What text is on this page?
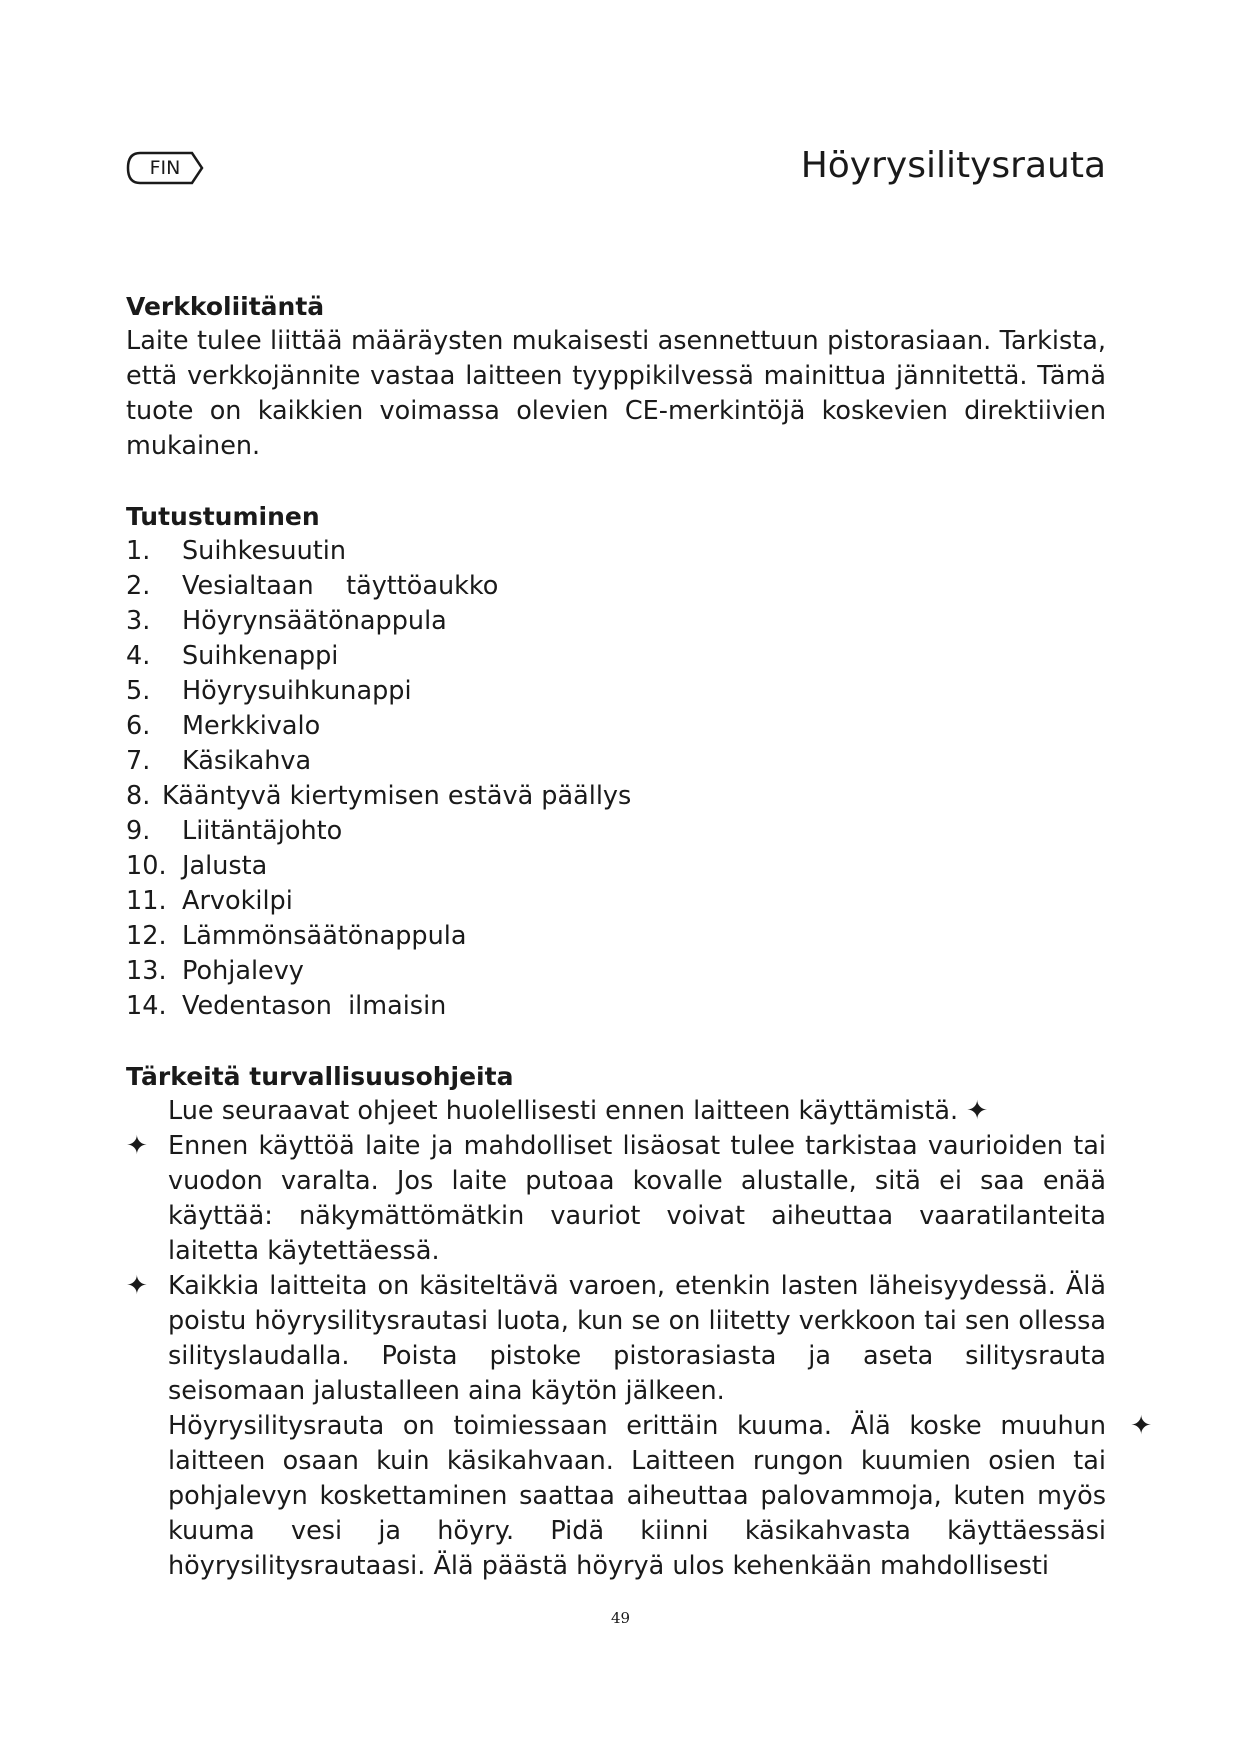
FIN	Höyrysilitysrauta
Verkkoliitäntä

Laite tulee liittää määräysten mukaisesti asennettuun pistorasiaan. Tarkista, että verkkojännite vastaa laitteen tyyppikilvessä mainittua jännitettä. Tämä tuote on kaikkien voimassa olevien CE-merkintöjä koskevien direktiivien mukainen.

Tutustuminen
1.	Suihkesuutin
2.	Vesialtaan    täyttöaukko
3.	Höyrynsäätönappula
4.	Suihkenappi
5.	Höyrysuihkunappi
6.	Merkkivalo
7.	Käsikahva
8. Kääntyvä kiertymisen estävä päällys
9.	Liitäntäjohto
10. Jalusta
11. Arvokilpi
12. Lämmönsäätönappula
13. Pohjalevy
14. Vedentason  ilmaisin
Tärkeitä turvallisuusohjeita

Lue seuraavat ohjeet huolellisesti ennen laitteen käyttämistä. ✦

✦ Ennen käyttöä laite ja mahdolliset lisäosat tulee tarkistaa vaurioiden tai vuodon varalta. Jos laite putoaa kovalle alustalle, sitä ei saa enää käyttää: näkymättömätkin vauriot voivat aiheuttaa vaaratilanteita laitetta käytettäessä.

✦ Kaikkia laitteita on käsiteltävä varoen, etenkin lasten läheisyydessä. Älä poistu höyrysilitysrautasi luota, kun se on liitetty verkkoon tai sen ollessa silityslaudalla. Poista pistoke pistorasiasta ja aseta silitysrauta seisomaan jalustalleen aina käytön jälkeen.

✦
Höyrysilitysrauta on toimiessaan erittäin kuuma. Älä koske muuhun laitteen osaan kuin käsikahvaan. Laitteen rungon kuumien osien tai pohjalevyn koskettaminen saattaa aiheuttaa palovammoja, kuten myös kuuma vesi ja höyry. Pidä kiinni käsikahvasta käyttäessäsi höyrysilitysrautaasi. Älä päästä höyryä ulos kehenkään mahdollisesti

49
